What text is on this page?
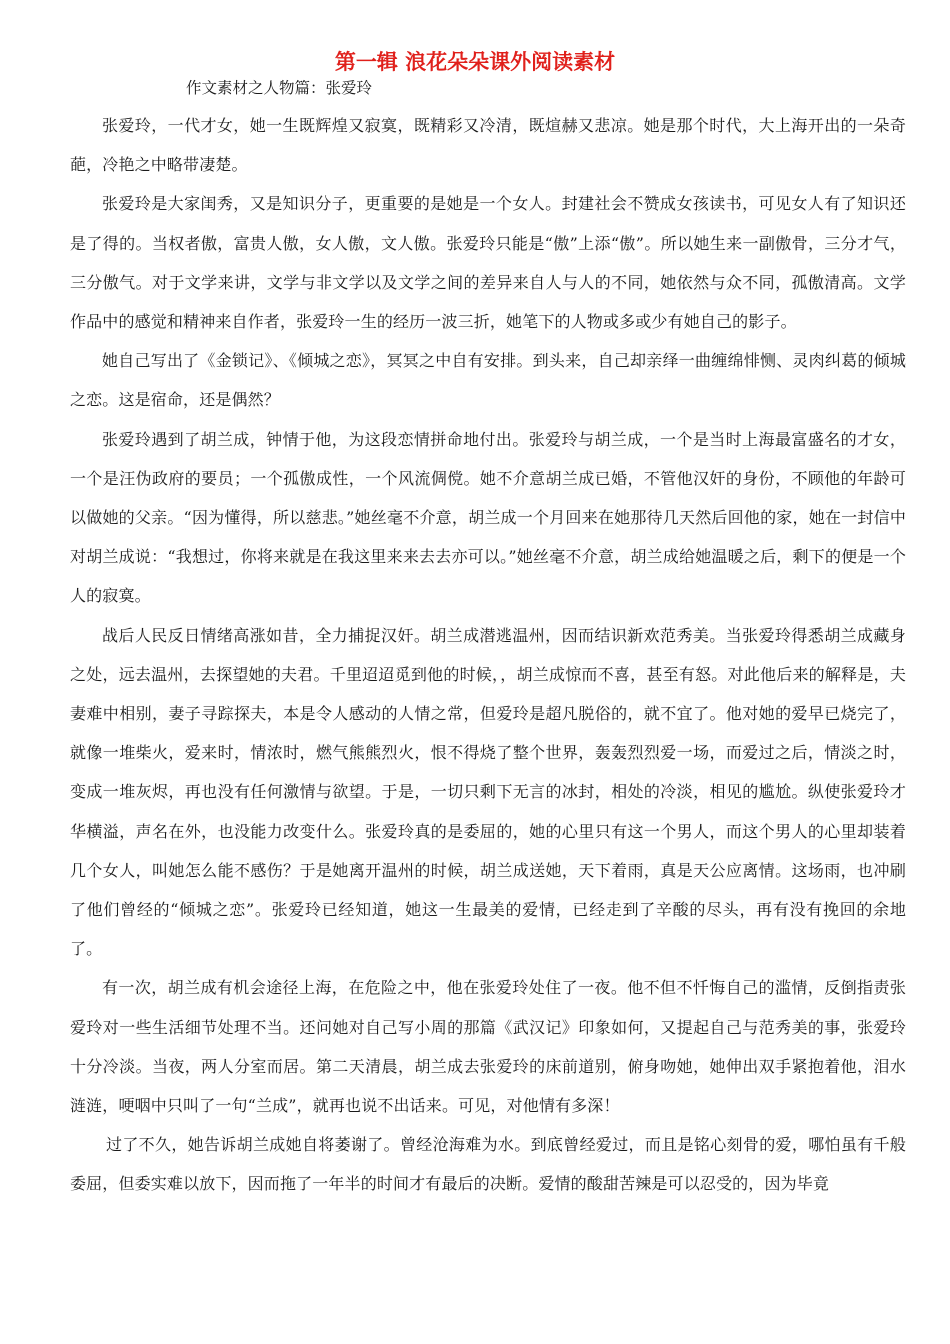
第一辑 浪花朵朵课外阅读素材
作文素材之人物篇：张爱玲

张爱玲，一代才女，她一生既辉煌又寂寞，既精彩又冷清，既煊赫又悲凉。她是那个时代，大上海开出的一朵奇葩，冷艳之中略带凄楚。

张爱玲是大家闺秀，又是知识分子，更重要的是她是一个女人。封建社会不赞成女孩读书，可见女人有了知识还是了得的。当权者傲，富贵人傲，女人傲，文人傲。张爱玲只能是“傲”上添“傲”。所以她生来一副傲骨，三分才气，三分傲气。对于文学来讲，文学与非文学以及文学之间的差异来自人与人的不同，她依然与众不同，孤傲清高。文学作品中的感觉和精神来自作者，张爱玲一生的经历一波三折，她笔下的人物或多或少有她自己的影子。

她自己写出了《金锁记》、《倾城之恋》，冥冥之中自有安排。到头来，自己却亲绎一曲缠绵悱恻、灵肉纠葛的倾城之恋。这是宿命，还是偶然？

张爱玲遇到了胡兰成，钟情于他，为这段恋情拼命地付出。张爱玲与胡兰成，一个是当时上海最富盛名的才女，一个是汪伪政府的要员；一个孤傲成性，一个风流倜傥。她不介意胡兰成已婚，不管他汉奸的身份，不顾他的年龄可以做她的父亲。“因为懂得，所以慈悲。”她丝毫不介意，胡兰成一个月回来在她那待几天然后回他的家，她在一封信中对胡兰成说：“我想过，你将来就是在我这里来来去去亦可以。”她丝毫不介意，胡兰成给她温暖之后，剩下的便是一个人的寂寞。

战后人民反日情绪高涨如昔，全力捕捉汉奸。胡兰成潜逃温州，因而结识新欢范秀美。当张爱玲得悉胡兰成藏身之处，远去温州，去探望她的夫君。千里迢迢觅到他的时候，，胡兰成惊而不喜，甚至有怒。对此他后来的解释是，夫妻难中相别，妻子寻踪探夫，本是令人感动的人情之常，但爱玲是超凡脱俗的，就不宜了。他对她的爱早已烧完了，就像一堆柴火，爱来时，情浓时，燃气熊熊烈火，恨不得烧了整个世界，轰轰烈烈爱一场，而爱过之后，情淡之时，变成一堆灰烬，再也没有任何激情与欲望。于是，一切只剩下无言的冰封，相处的冷淡，相见的尴尬。纵使张爱玲才华横溢，声名在外，也没能力改变什么。张爱玲真的是委屈的，她的心里只有这一个男人，而这个男人的心里却装着几个女人，叫她怎么能不感伤？于是她离开温州的时候，胡兰成送她，天下着雨，真是天公应离情。这场雨，也冲刷了他们曾经的“倾城之恋”。张爱玲已经知道，她这一生最美的爱情，已经走到了辛酸的尽头，再有没有挽回的余地了。

有一次，胡兰成有机会途径上海，在危险之中，他在张爱玲处住了一夜。他不但不忏悔自己的滥情，反倒指责张爱玲对一些生活细节处理不当。还问她对自己写小周的那篇《武汉记》印象如何，又提起自己与范秀美的事，张爱玲十分冷淡。当夜，两人分室而居。第二天清晨，胡兰成去张爱玲的床前道别，俯身吻她，她伸出双手紧抱着他，泪水涟涟，哽咽中只叫了一句“兰成”，就再也说不出话来。可见，对他情有多深！

过了不久，她告诉胡兰成她自将萎谢了。曾经沧海难为水。到底曾经爱过，而且是铭心刻骨的爱，哪怕虽有千般委屈，但委实难以放下，因而拖了一年半的时间才有最后的决断。爱情的酸甜苦辣是可以忍受的，因为毕竟
